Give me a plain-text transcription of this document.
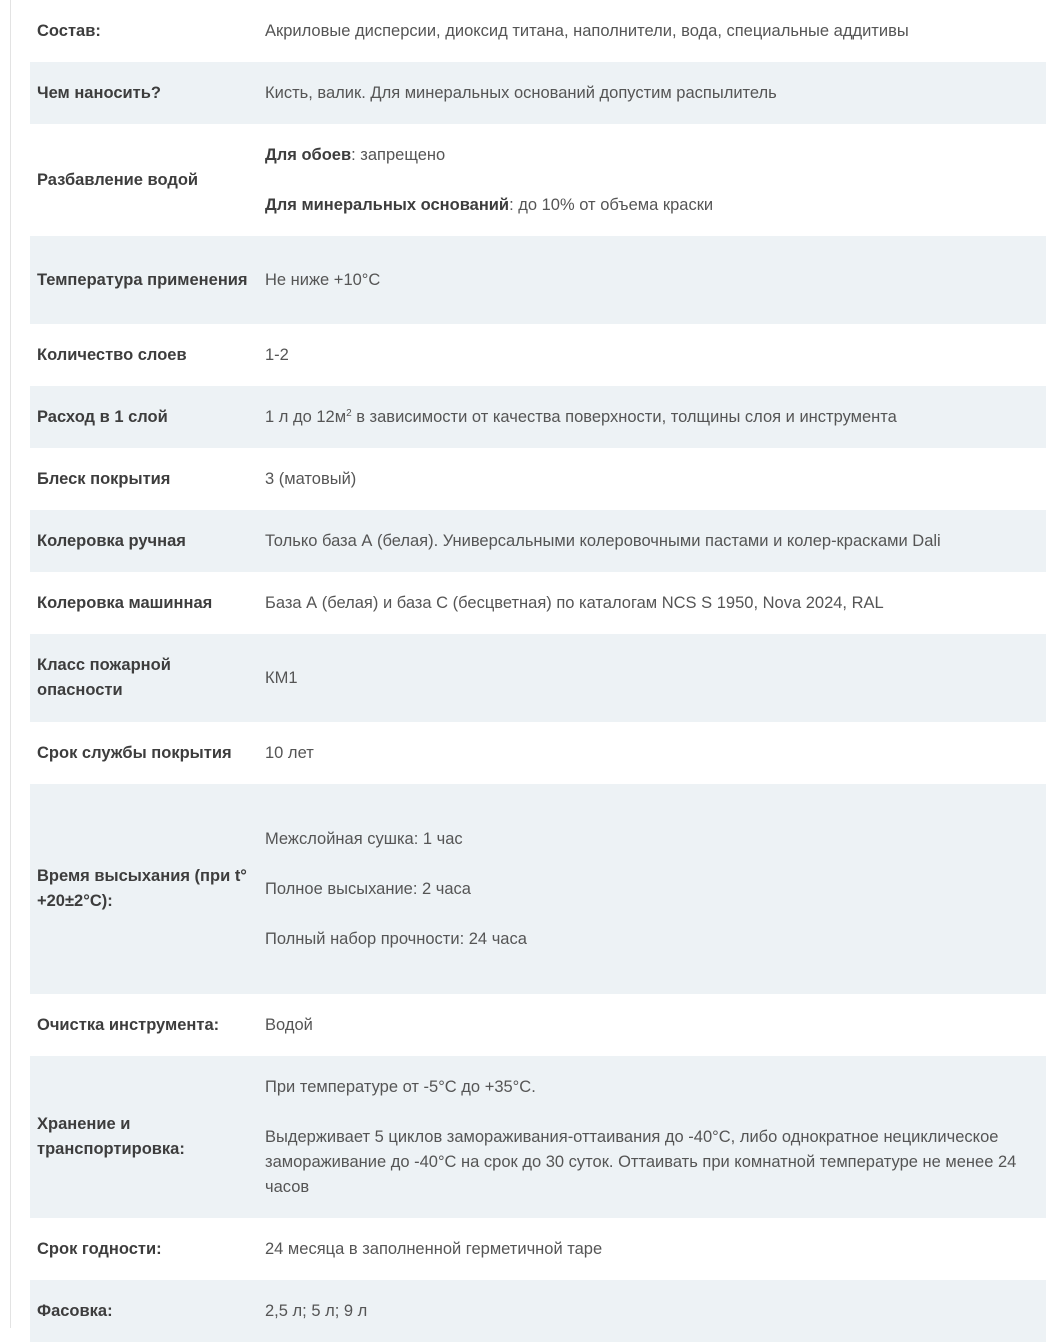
Состав:	Акриловые дисперсии, диоксид титана, наполнители, вода, специальные аддитивы
Чем наносить?	Кисть, валик. Для минеральных оснований допустим распылитель
Разбавление водой	Для обоев: запрещено
Для минеральных оснований: до 10% от объема краски

Температура применения	Не ниже +10°C
Количество слоев	1-2
Расход в 1 слой	1 л до $12м^2$ в зависимости от качества поверхности, толщины слоя и инструмента
Блеск покрытия	3 (матовый)
Колеровка ручная	Только база А (белая). Универсальными колеровочными пастами и колер-красками Dali
Колеровка машинная	База А (белая) и база С (бесцветная) по каталогам NCS S 1950, Nova 2024, RAL
Класс пожарной опасности	КМ1
Срок службы покрытия	10 лет
Время высыхания (при t° +20±2°С):	Межслойная сушка: 1 час
Полное высыхание: 2 часа
Полный набор прочности: 24 часа

Очистка инструмента:	Водой
Хранение и транспортировка:	При температуре от -5°С до +35°С.
Выдерживает 5 циклов замораживания-оттаивания до -40°С, либо однократное нециклическое замораживание до -40°С на срок до 30 суток. Оттаивать при комнатной температуре не менее 24 часов

Срок годности:	24 месяца в заполненной герметичной таре
Фасовка:	2,5 л; 5 л; 9 л
